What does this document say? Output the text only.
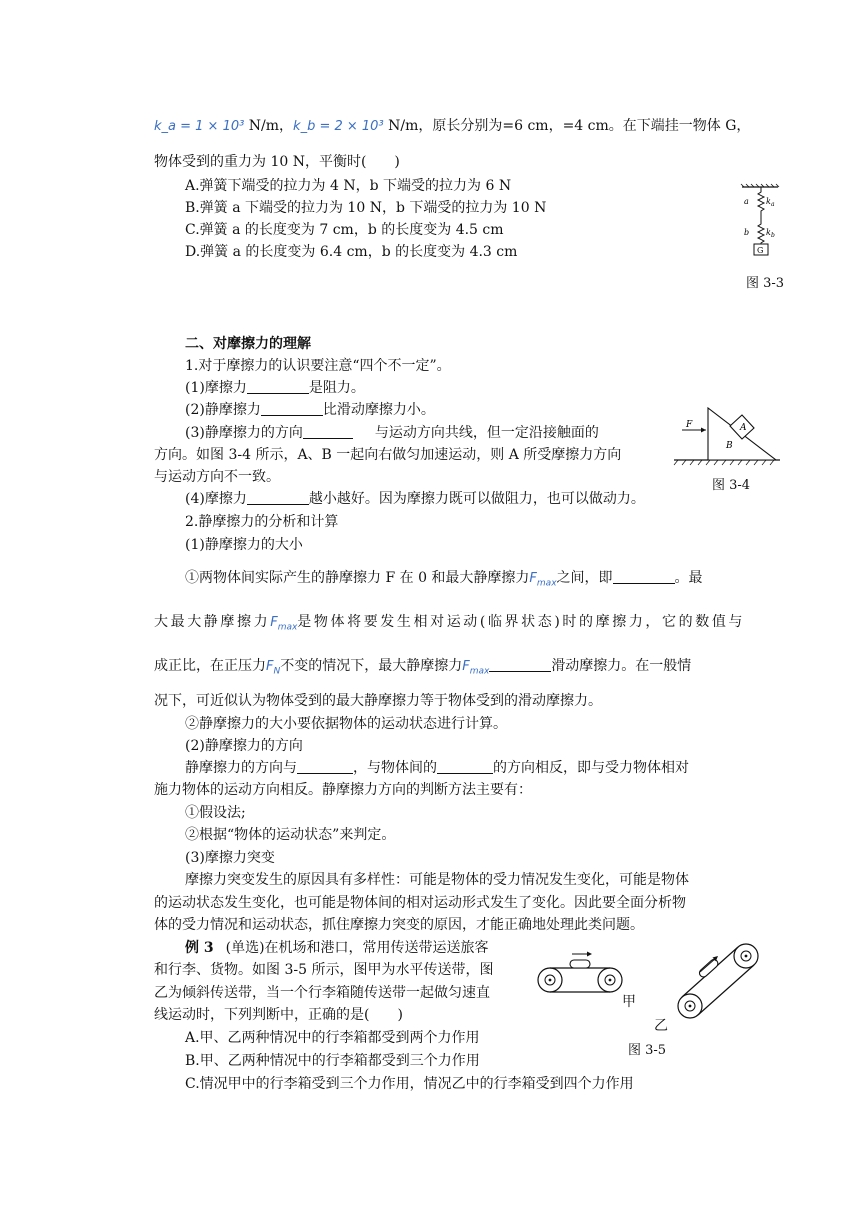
k_a = 1 × 10³ N/m，k_b = 2 × 10³ N/m，原长分别为=6 cm，=4 cm。在下端挂一物体 G，
物体受到的重力为 10 N，平衡时(　　)
A.弹簧下端受的拉力为 4 N，b 下端受的拉力为 6 N
B.弹簧 a 下端受的拉力为 10 N，b 下端受的拉力为 10 N
C.弹簧 a 的长度变为 7 cm，b 的长度变为 4.5 cm
D.弹簧 a 的长度变为 6.4 cm，b 的长度变为 4.3 cm
a k a
b k b
G
图 3-3
二、对摩擦力的理解
1.对于摩擦力的认识要注意“四个不一定”。
(1)摩擦力	是阻力。
(2)静摩擦力	比滑动摩擦力小。
(3)静摩擦力的方向	与运动方向共线，但一定沿接触面的
方向。如图 3-4 所示，A、B 一起向右做匀加速运动，则 A 所受摩擦力方向
与运动方向不一致。
(4)摩擦力	越小越好。因为摩擦力既可以做阻力，也可以做动力。
F	A
B
图 3-4
2.静摩擦力的分析和计算
(1)静摩擦力的大小
①两物体间实际产生的静摩擦力 F 在 0 和最大静摩擦力$F_{max}$之间，即	。最
大最大静摩擦力$F_{max}$是物体将要发生相对运动(临界状态)时的摩擦力，它的数值与
成正比，在正压力$F_N$不变的情况下，最大静摩擦力$F_{max}$	滑动摩擦力。在一般情
况下，可近似认为物体受到的最大静摩擦力等于物体受到的滑动摩擦力。
②静摩擦力的大小要依据物体的运动状态进行计算。
(2)静摩擦力的方向
静摩擦力的方向与	，与物体间的	的方向相反，即与受力物体相对
施力物体的运动方向相反。静摩擦力方向的判断方法主要有：
①假设法;
②根据“物体的运动状态”来判定。
(3)摩擦力突变
摩擦力突变发生的原因具有多样性：可能是物体的受力情况发生变化，可能是物体
的运动状态发生变化，也可能是物体间的相对运动形式发生了变化。因此要全面分析物
体的受力情况和运动状态，抓住摩擦力突变的原因，才能正确地处理此类问题。
例 3 (单选)在机场和港口，常用传送带运送旅客
和行李、货物。如图 3-5 所示，图甲为水平传送带，图
乙为倾斜传送带，当一个行李箱随传送带一起做匀速直
线运动时，下列判断中，正确的是(　　)
A.甲、乙两种情况中的行李箱都受到两个力作用
B.甲、乙两种情况中的行李箱都受到三个力作用
C.情况甲中的行李箱受到三个力作用，情况乙中的行李箱受到四个力作用
甲
乙
图 3-5
